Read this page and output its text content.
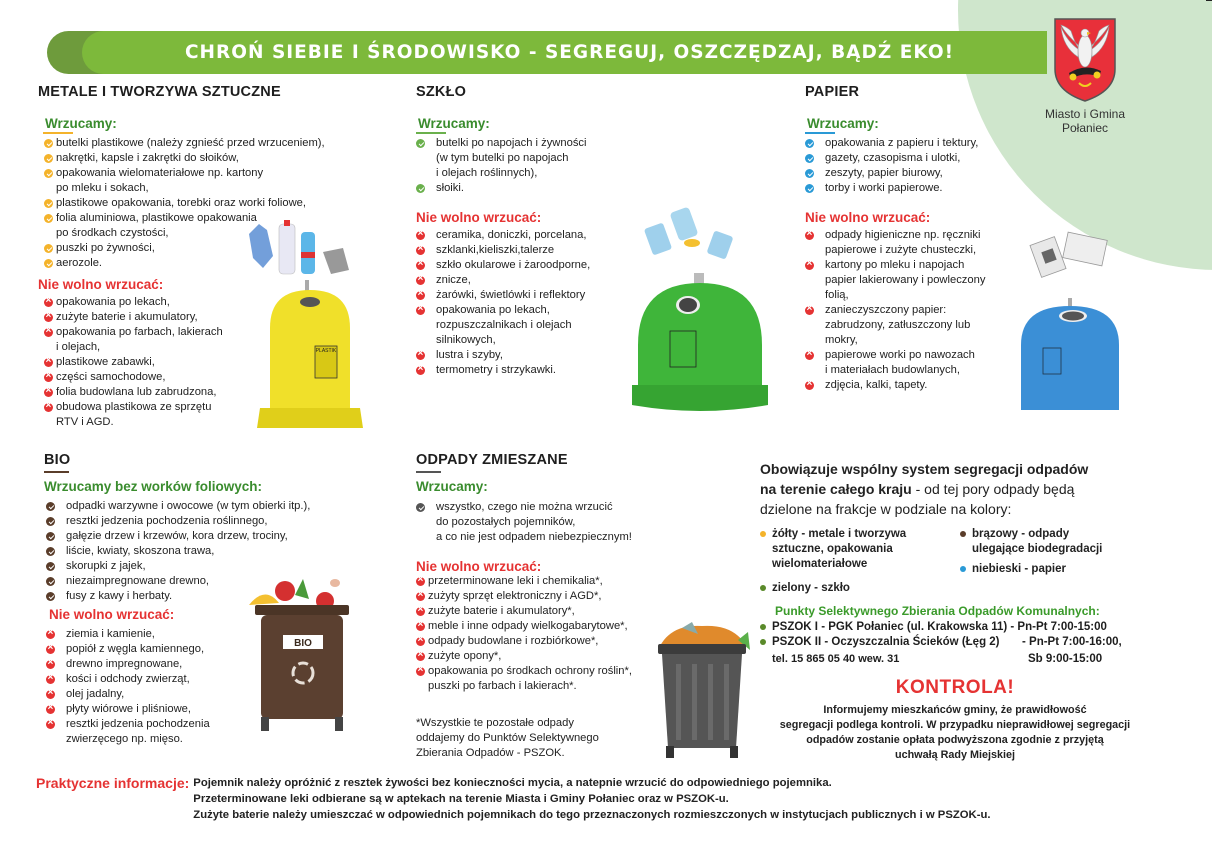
CHROŃ SIEBIE I ŚRODOWISKO - SEGREGUJ, OSZCZĘDZAJ, BĄDŹ EKO!
Miasto i Gmina
Połaniec
METALE I TWORZYWA SZTUCZNE
Wrzucamy:
butelki plastikowe (należy zgnieść przed wrzuceniem),
nakrętki, kapsle i zakrętki do słoików,
opakowania wielomateriałowe np. kartony
po mleku i sokach,
plastikowe opakowania, torebki oraz worki foliowe,
folia aluminiowa, plastikowe opakowania
po środkach czystości,
puszki po żywności,
aerozole.
Nie wolno wrzucać:
×
opakowania po lekach,
×
zużyte baterie i akumulatory,
×
opakowania po farbach, lakierach
i olejach,
×
plastikowe zabawki,
×
części samochodowe,
×
folia budowlana lub zabrudzona,
×
obudowa plastikowa ze sprzętu
RTV i AGD.
SZKŁO
Wrzucamy:
butelki po napojach i żywności
(w tym butelki po napojach
i olejach roślinnych),
słoiki.
Nie wolno wrzucać:
×
ceramika, doniczki, porcelana,
×
szklanki,kieliszki,talerze
×
szkło okularowe i żaroodporne,
×
znicze,
×
żarówki, świetlówki i reflektory
×
opakowania po lekach,
rozpuszczalnikach i olejach
silnikowych,
×
lustra i szyby,
×
termometry i strzykawki.
PAPIER
Wrzucamy:
opakowania z papieru i tektury,
gazety, czasopisma i ulotki,
zeszyty, papier biurowy,
torby i worki papierowe.
Nie wolno wrzucać:
×
odpady higieniczne np. ręczniki
papierowe i zużyte chusteczki,
×
kartony po mleku i napojach
papier lakierowany i powleczony
folią,
×
zanieczyszczony papier:
zabrudzony, zatłuszczony lub
mokry,
×
papierowe worki po nawozach
i materiałach budowlanych,
×
zdjęcia, kalki, tapety.
BIO
Wrzucamy bez worków foliowych:
odpadki warzywne i owocowe (w tym obierki itp.),
resztki jedzenia pochodzenia roślinnego,
gałęzie drzew i krzewów, kora drzew, trociny,
liście, kwiaty, skoszona trawa,
skorupki z jajek,
niezaimpregnowane drewno,
fusy z kawy i herbaty.
Nie wolno wrzucać:
×
ziemia i kamienie,
×
popiół z węgla kamiennego,
×
drewno impregnowane,
×
kości i odchody zwierząt,
×
olej jadalny,
×
płyty wiórowe i pliśniowe,
×
resztki jedzenia pochodzenia
zwierzęcego np. mięso.
ODPADY ZMIESZANE
Wrzucamy:
wszystko, czego nie można wrzucić
do pozostałych pojemników,
a co nie jest odpadem niebezpiecznym!
Nie wolno wrzucać:
×
przeterminowane leki i chemikalia*,
×
zużyty sprzęt elektroniczny i AGD*,
×
zużyte baterie i akumulatory*,
×
meble i inne odpady wielkogabarytowe*,
×
odpady budowlane i rozbiórkowe*,
×
zużyte opony*,
×
opakowania po środkach ochrony roślin*,
puszki po farbach i lakierach*.
*Wszystkie te pozostałe odpady
oddajemy do Punktów Selektywnego
Zbierania Odpadów - PSZOK.
PLASTIK
BIO
Obowiązuje wspólny system segregacji odpadów
na terenie całego kraju - od tej pory odpady będą
dzielone na frakcje w podziale na kolory:
żółty - metale i tworzywa sztuczne, opakowania wielomateriałowe
brązowy - odpady ulegające biodegradacji
niebieski - papier
zielony - szkło
Punkty Selektywnego Zbierania Odpadów Komunalnych:
PSZOK I - PGK Połaniec (ul. Krakowska 11)
- Pn-Pt 7:00-15:00
PSZOK II - Oczyszczalnia Ścieków (Łęg 2)	- Pn-Pt 7:00-16:00,
tel. 15 865 05 40 wew. 31	Sb 9:00-15:00
KONTROLA!
Informujemy mieszkańców gminy, że prawidłowość
segregacji podlega kontroli. W przypadku nieprawidłowej segregacji
odpadów zostanie opłata podwyższona zgodnie z przyjętą
uchwałą Rady Miejskiej
Praktyczne informacje: Pojemnik należy opróżnić z resztek żywości bez konieczności mycia, a natepnie wrzucić do odpowiedniego pojemnika.
Przeterminowane leki odbierane są w aptekach na terenie Miasta i Gminy Połaniec oraz w PSZOK-u.
Zużyte baterie należy umieszczać w odpowiednich pojemnikach do tego przeznaczonych rozmieszczonych w instytucjach publicznych i w PSZOK-u.
